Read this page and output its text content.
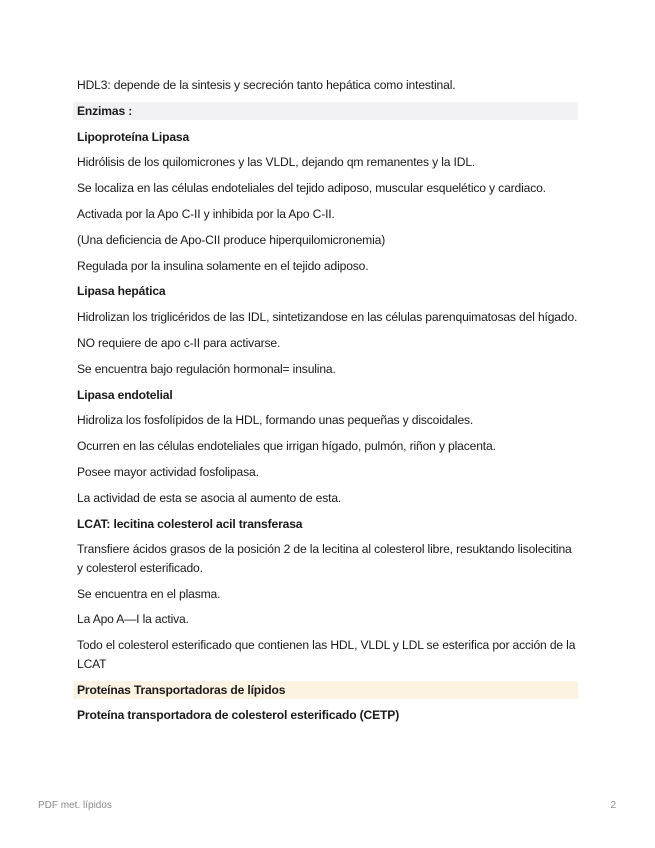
HDL3: depende de la sintesis y secreción tanto hepática como intestinal.
Enzimas :
Lipoproteína Lipasa
Hidrólisis de los quilomicrones y las VLDL, dejando qm remanentes y la IDL.
Se localiza en las células endoteliales del tejido adiposo, muscular esquelético y cardiaco.
Activada por la Apo C-II y inhibida por la Apo C-II.
(Una deficiencia de Apo-CII produce hiperquilomicronemia)
Regulada por la insulina solamente en el tejido adiposo.
Lipasa hepática
Hidrolizan los triglicéridos de las IDL, sintetizandose en las células parenquimatosas del hígado.
NO requiere de apo c-II para activarse.
Se encuentra bajo regulación hormonal= insulina.
Lipasa endotelial
Hidroliza los fosfolípidos de la HDL, formando unas pequeñas y discoidales.
Ocurren en las células endoteliales que irrigan hígado, pulmón, riñon y placenta.
Posee mayor actividad fosfolipasa.
La actividad de esta se asocia al aumento de esta.
LCAT: lecitina colesterol acil transferasa
Transfiere ácidos grasos de la posición 2 de la lecitina al colesterol libre, resuktando lisolecitina y colesterol esterificado.
Se encuentra en el plasma.
La Apo A—I la activa.
Todo el colesterol esterificado que contienen las HDL, VLDL y LDL se esterifica por acción de la LCAT
Proteínas Transportadoras de lípidos
Proteína transportadora de colesterol esterificado (CETP)
PDF met. lípidos	2
